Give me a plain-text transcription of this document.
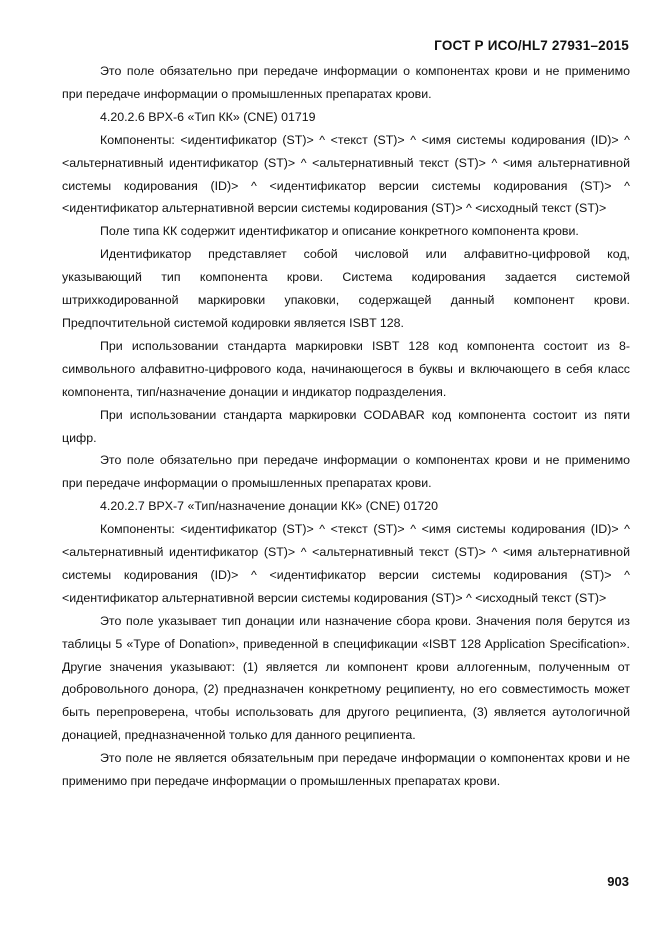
ГОСТ Р ИСО/HL7 27931–2015

Это поле обязательно при передаче информации о компонентах крови и не применимо при передаче информации о промышленных препаратах крови.

4.20.2.6 BPX-6 «Тип КК» (CNE) 01719

Компоненты: <идентификатор (ST)> ^ <текст (ST)> ^ <имя системы кодирования (ID)> ^ <альтернативный идентификатор (ST)> ^ <альтернативный текст (ST)> ^ <имя альтернативной системы кодирования (ID)> ^ <идентификатор версии системы кодирования (ST)> ^ <идентификатор альтернативной версии системы кодирования (ST)> ^ <исходный текст (ST)>

Поле типа КК содержит идентификатор и описание конкретного компонента крови.

Идентификатор представляет собой числовой или алфавитно-цифровой код, указывающий тип компонента крови. Система кодирования задается системой штрихкодированной маркировки упаковки, содержащей данный компонент крови. Предпочтительной системой кодировки является ISBT 128.

При использовании стандарта маркировки ISBT 128 код компонента состоит из 8-символьного алфавитно-цифрового кода, начинающегося в буквы и включающего в себя класс компонента, тип/назначение донации и индикатор подразделения.

При использовании стандарта маркировки CODABAR код компонента состоит из пяти цифр.

Это поле обязательно при передаче информации о компонентах крови и не применимо при передаче информации о промышленных препаратах крови.

4.20.2.7 BPX-7 «Тип/назначение донации КК» (CNE) 01720

Компоненты: <идентификатор (ST)> ^ <текст (ST)> ^ <имя системы кодирования (ID)> ^ <альтернативный идентификатор (ST)> ^ <альтернативный текст (ST)> ^ <имя альтернативной системы кодирования (ID)> ^ <идентификатор версии системы кодирования (ST)> ^ <идентификатор альтернативной версии системы кодирования (ST)> ^ <исходный текст (ST)>

Это поле указывает тип донации или назначение сбора крови. Значения поля берутся из таблицы 5 «Type of Donation», приведенной в спецификации «ISBT 128 Application Specification». Другие значения указывают: (1) является ли компонент крови аллогенным, полученным от добровольного донора, (2) предназначен конкретному реципиенту, но его совместимость может быть перепроверена, чтобы использовать для другого реципиента, (3) является аутологичной донацией, предназначенной только для данного реципиента.

Это поле не является обязательным при передаче информации о компонентах крови и не применимо при передаче информации о промышленных препаратах крови.

903
